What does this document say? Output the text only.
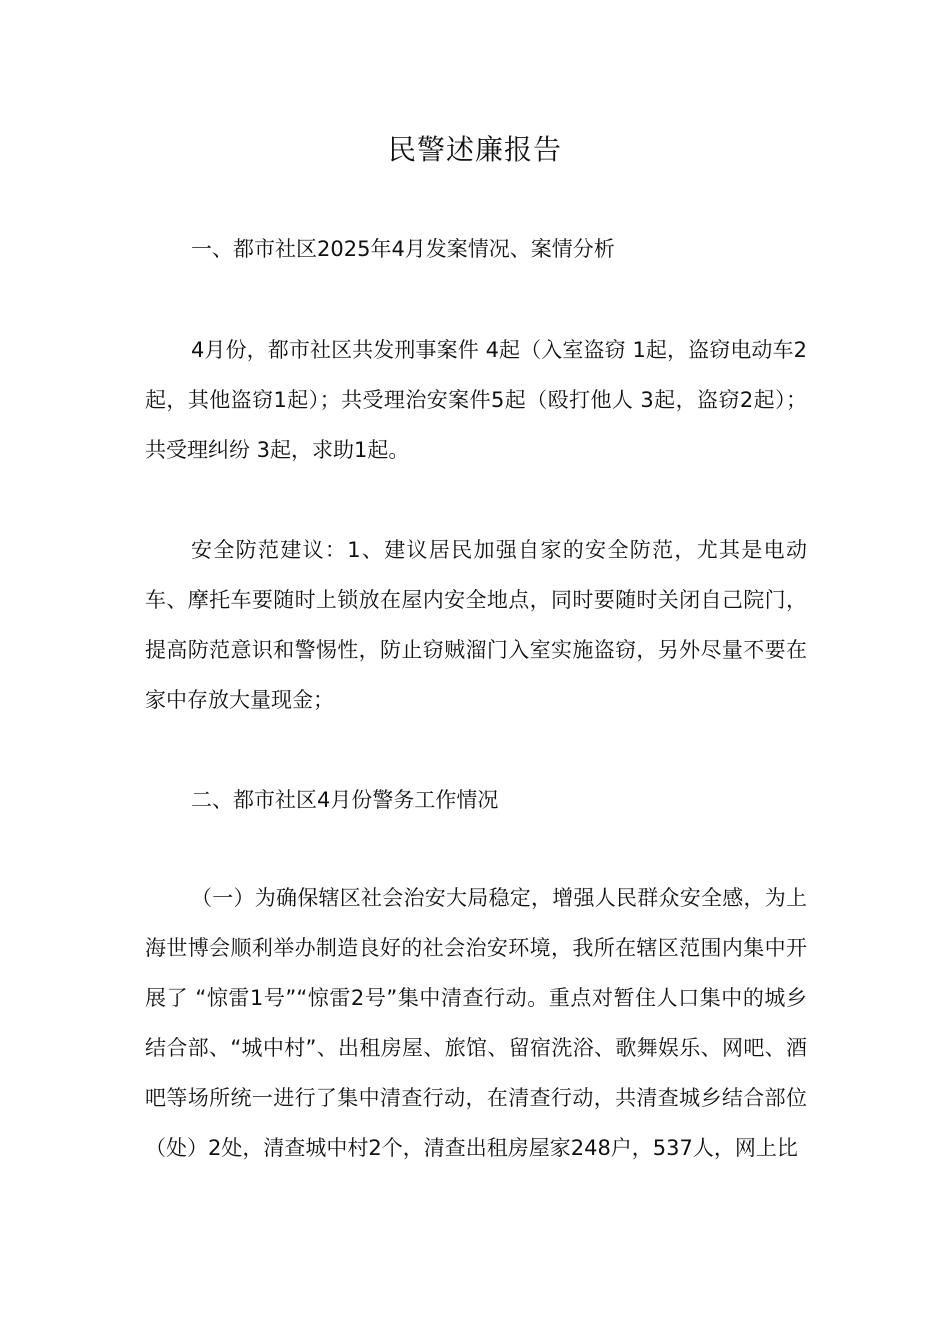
民警述廉报告

一、都市社区2025年4月发案情况、案情分析

4月份，都市社区共发刑事案件 4起（入室盗窃 1起，盗窃电动车2起，其他盗窃1起）；共受理治安案件5起（殴打他人 3起，盗窃2起）；共受理纠纷 3起，求助1起。

安全防范建议：1、建议居民加强自家的安全防范，尤其是电动车、摩托车要随时上锁放在屋内安全地点，同时要随时关闭自己院门，提高防范意识和警惕性，防止窃贼溜门入室实施盗窃，另外尽量不要在家中存放大量现金；

二、都市社区4月份警务工作情况

（一）为确保辖区社会治安大局稳定，增强人民群众安全感，为上海世博会顺利举办制造良好的社会治安环境，我所在辖区范围内集中开展了 “惊雷1号”“惊雷2号”集中清查行动。重点对暂住人口集中的城乡结合部、“城中村”、出租房屋、旅馆、留宿洗浴、歌舞娱乐、网吧、酒吧等场所统一进行了集中清查行动，在清查行动，共清查城乡结合部位（处）2处，清查城中村2个，清查出租房屋家248户，537人，网上比
